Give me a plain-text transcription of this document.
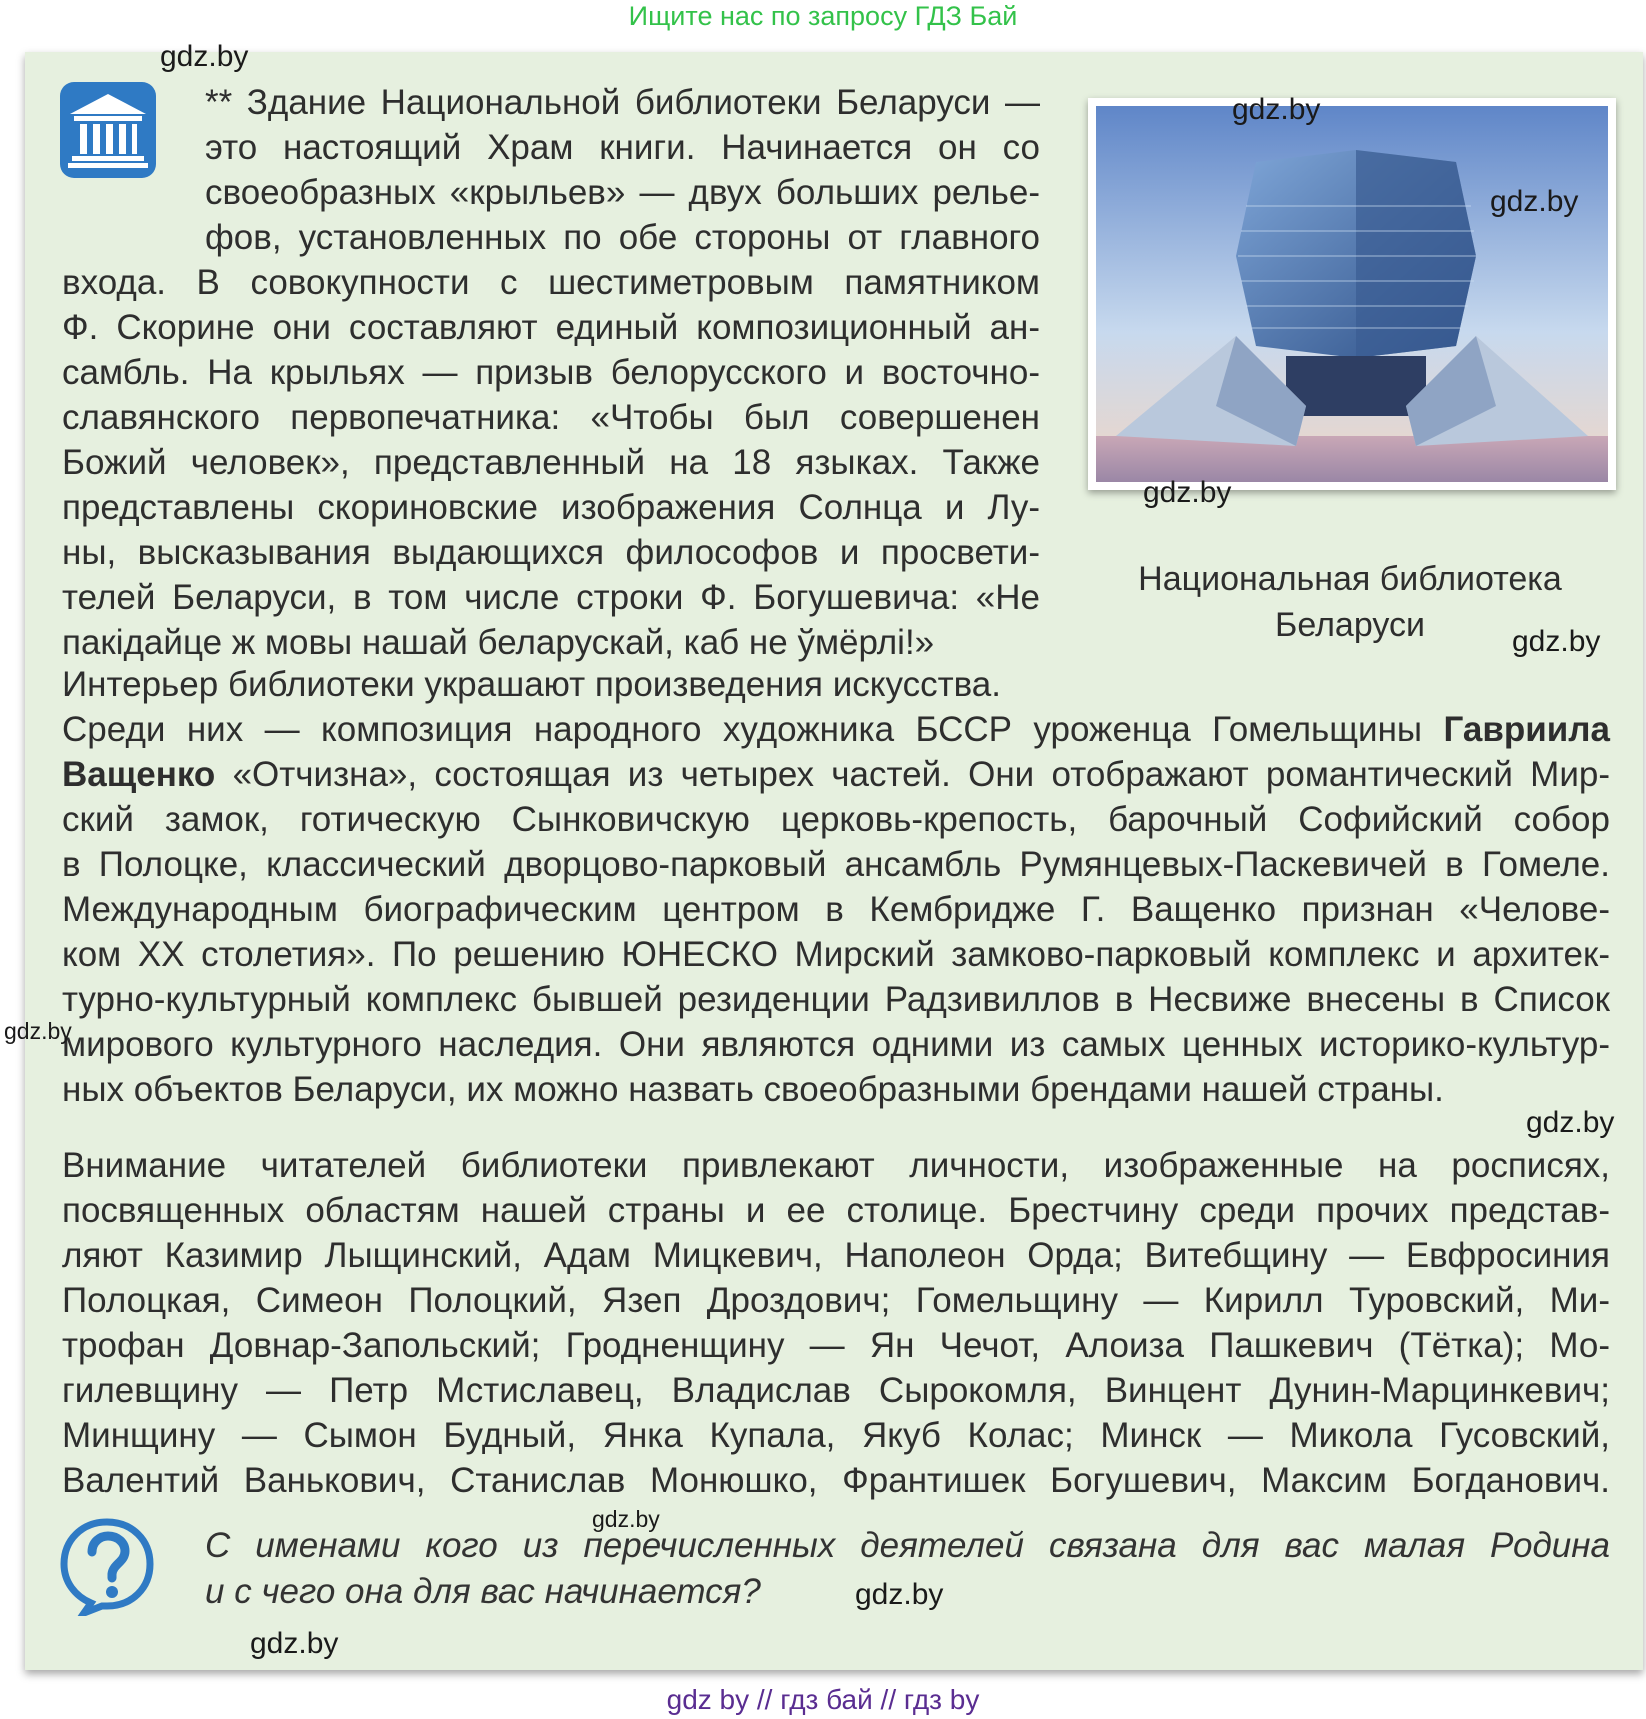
Ищите нас по запросу ГДЗ Бай
** Здание Национальной библиотеки Беларуси —
это настоящий Храм книги. Начинается он со
своеобразных «крыльев» — двух больших релье-
фов, установленных по обе стороны от главного
входа. В совокупности с шестиметровым памятником
Ф. Скорине они составляют единый композиционный ан-
самбль. На крыльях — призыв белорусского и восточно-
славянского первопечатника: «Чтобы был совершенен
Божий человек», представленный на 18 языках. Также
представлены скориновские изображения Солнца и Лу-
ны, высказывания выдающихся философов и просвети-
телей Беларуси, в том числе строки Ф. Богушевича: «Не
пакідайце ж мовы нашай беларускай, каб не ўмёрлі!»
Национальная библиотека
Беларуси
Интерьер библиотеки украшают произведения искусства.
Среди них — композиция народного художника БССР уроженца Гомельщины Гавриила
Ващенко «Отчизна», состоящая из четырех частей. Они отображают романтический Мир-
ский замок, готическую Сынковичскую церковь-крепость, барочный Софийский собор
в Полоцке, классический дворцово-парковый ансамбль Румянцевых-Паскевичей в Гомеле.
Международным биографическим центром в Кембридже Г. Ващенко признан «Челове-
ком XX столетия». По решению ЮНЕСКО Мирский замково-парковый комплекс и архитек-
турно-культурный комплекс бывшей резиденции Радзивиллов в Несвиже внесены в Список
мирового культурного наследия. Они являются одними из самых ценных историко-культур-
ных объектов Беларуси, их можно назвать своеобразными брендами нашей страны.
Внимание читателей библиотеки привлекают личности, изображенные на росписях,
посвященных областям нашей страны и ее столице. Брестчину среди прочих представ-
ляют Казимир Лыщинский, Адам Мицкевич, Наполеон Орда; Витебщину — Евфросиния
Полоцкая, Симеон Полоцкий, Язеп Дроздович; Гомельщину — Кирилл Туровский, Ми-
трофан Довнар-Запольский; Гродненщину — Ян Чечот, Алоиза Пашкевич (Тётка); Мо-
гилевщину — Петр Мстиславец, Владислав Сырокомля, Винцент Дунин-Марцинкевич;
Минщину — Сымон Будный, Янка Купала, Якуб Колас; Минск — Микола Гусовский,
Валентий Ванькович, Станислав Монюшко, Франтишек Богушевич, Максим Богданович.
С именами кого из перечисленных деятелей связана для вас малая Родина
и с чего она для вас начинается?
gdz.by
gdz.by
gdz.by
gdz.by
gdz.by
gdz.by
gdz.by
gdz.by
gdz.by
gdz.by
gdz by // гдз бай // гдз by
